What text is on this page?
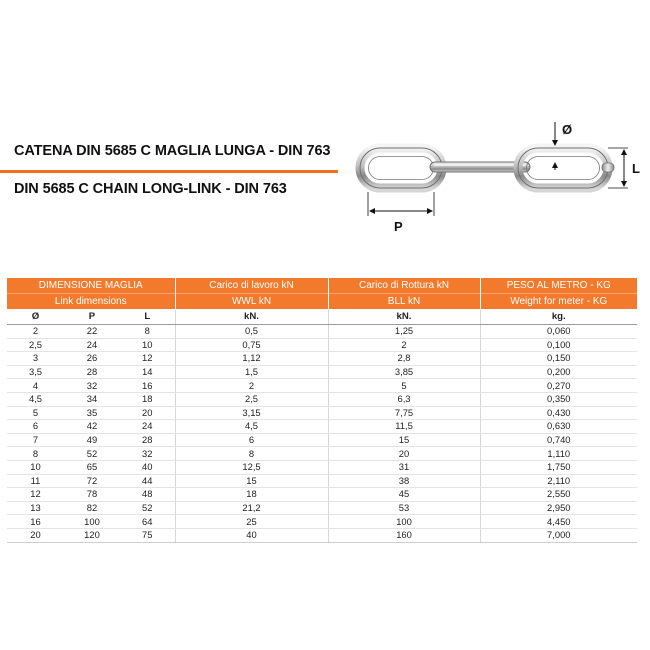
CATENA DIN 5685 C MAGLIA LUNGA - DIN 763
DIN 5685 C CHAIN LONG-LINK - DIN 763
Ø
L
P
DIMENSIONE MAGLIA			Carico di lavoro kN	Carico di Rottura kN	PESO AL METRO - KG
Link dimensions			WWL kN	BLL kN	Weight for meter - KG
Ø	P	L	kN.	kN.	kg.
2	22	8	0,5	1,25	0,060
2,5	24	10	0,75	2	0,100
3	26	12	1,12	2,8	0,150
3,5	28	14	1,5	3,85	0,200
4	32	16	2	5	0,270
4,5	34	18	2,5	6,3	0,350
5	35	20	3,15	7,75	0,430
6	42	24	4,5	11,5	0,630
7	49	28	6	15	0,740
8	52	32	8	20	1,110
10	65	40	12,5	31	1,750
11	72	44	15	38	2,110
12	78	48	18	45	2,550
13	82	52	21,2	53	2,950
16	100	64	25	100	4,450
20	120	75	40	160	7,000
